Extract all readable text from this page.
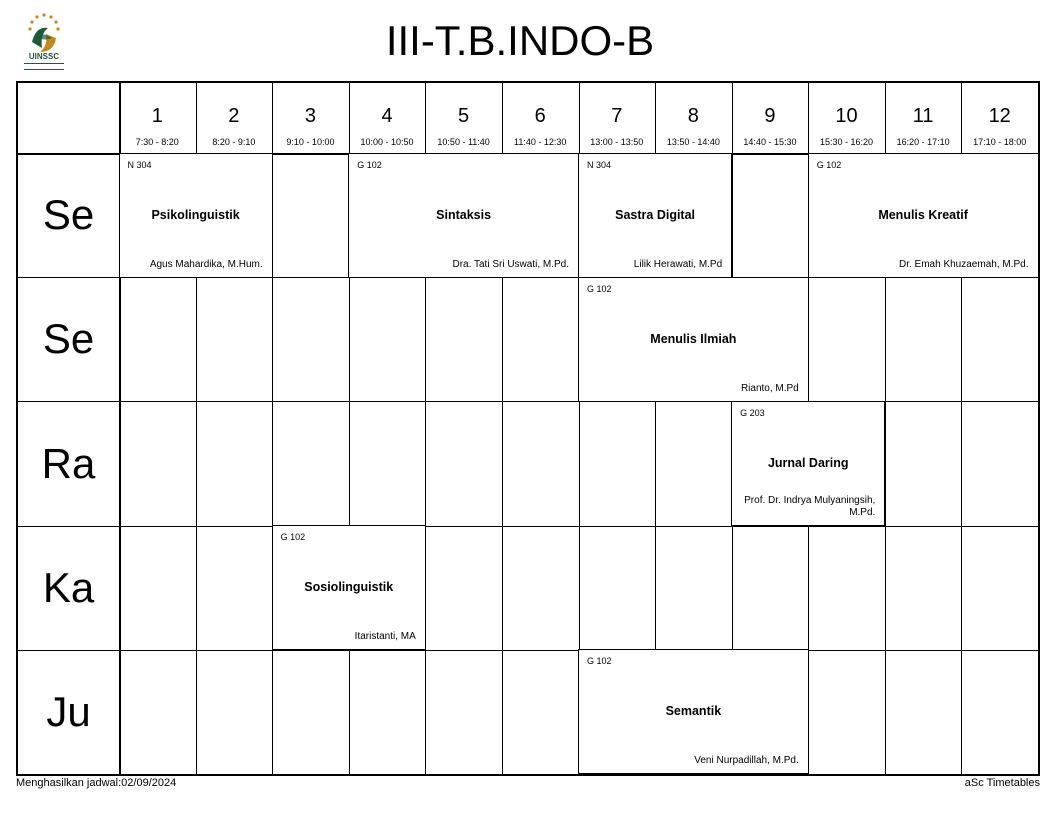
UINSSC	III-T.B.INDO-B
1
7:30 - 8:20
2
8:20 - 9:10
3
9:10 - 10:00
4
10:00 - 10:50
5
10:50 - 11:40
6
11:40 - 12:30
7
13:00 - 13:50
8
13:50 - 14:40
9
14:40 - 15:30
10
15:30 - 16:20
11
16:20 - 17:10
12
17:10 - 18:00
Se
Se
Ra
Ka
Ju
N 304
Psikolinguistik
Agus Mahardika, M.Hum.
G 102
Sintaksis
Dra. Tati Sri Uswati, M.Pd.
N 304
Sastra Digital
Lilik Herawati, M.Pd
G 102
Menulis Kreatif
Dr. Emah Khuzaemah, M.Pd.
G 102
Menulis Ilmiah
Rianto, M.Pd
G 203
Jurnal Daring
Prof. Dr. Indrya Mulyaningsih, M.Pd.
G 102
Sosiolinguistik
Itaristanti, MA
G 102
Semantik
Veni Nurpadillah, M.Pd.
Menghasilkan jadwal:02/09/2024	aSc Timetables
